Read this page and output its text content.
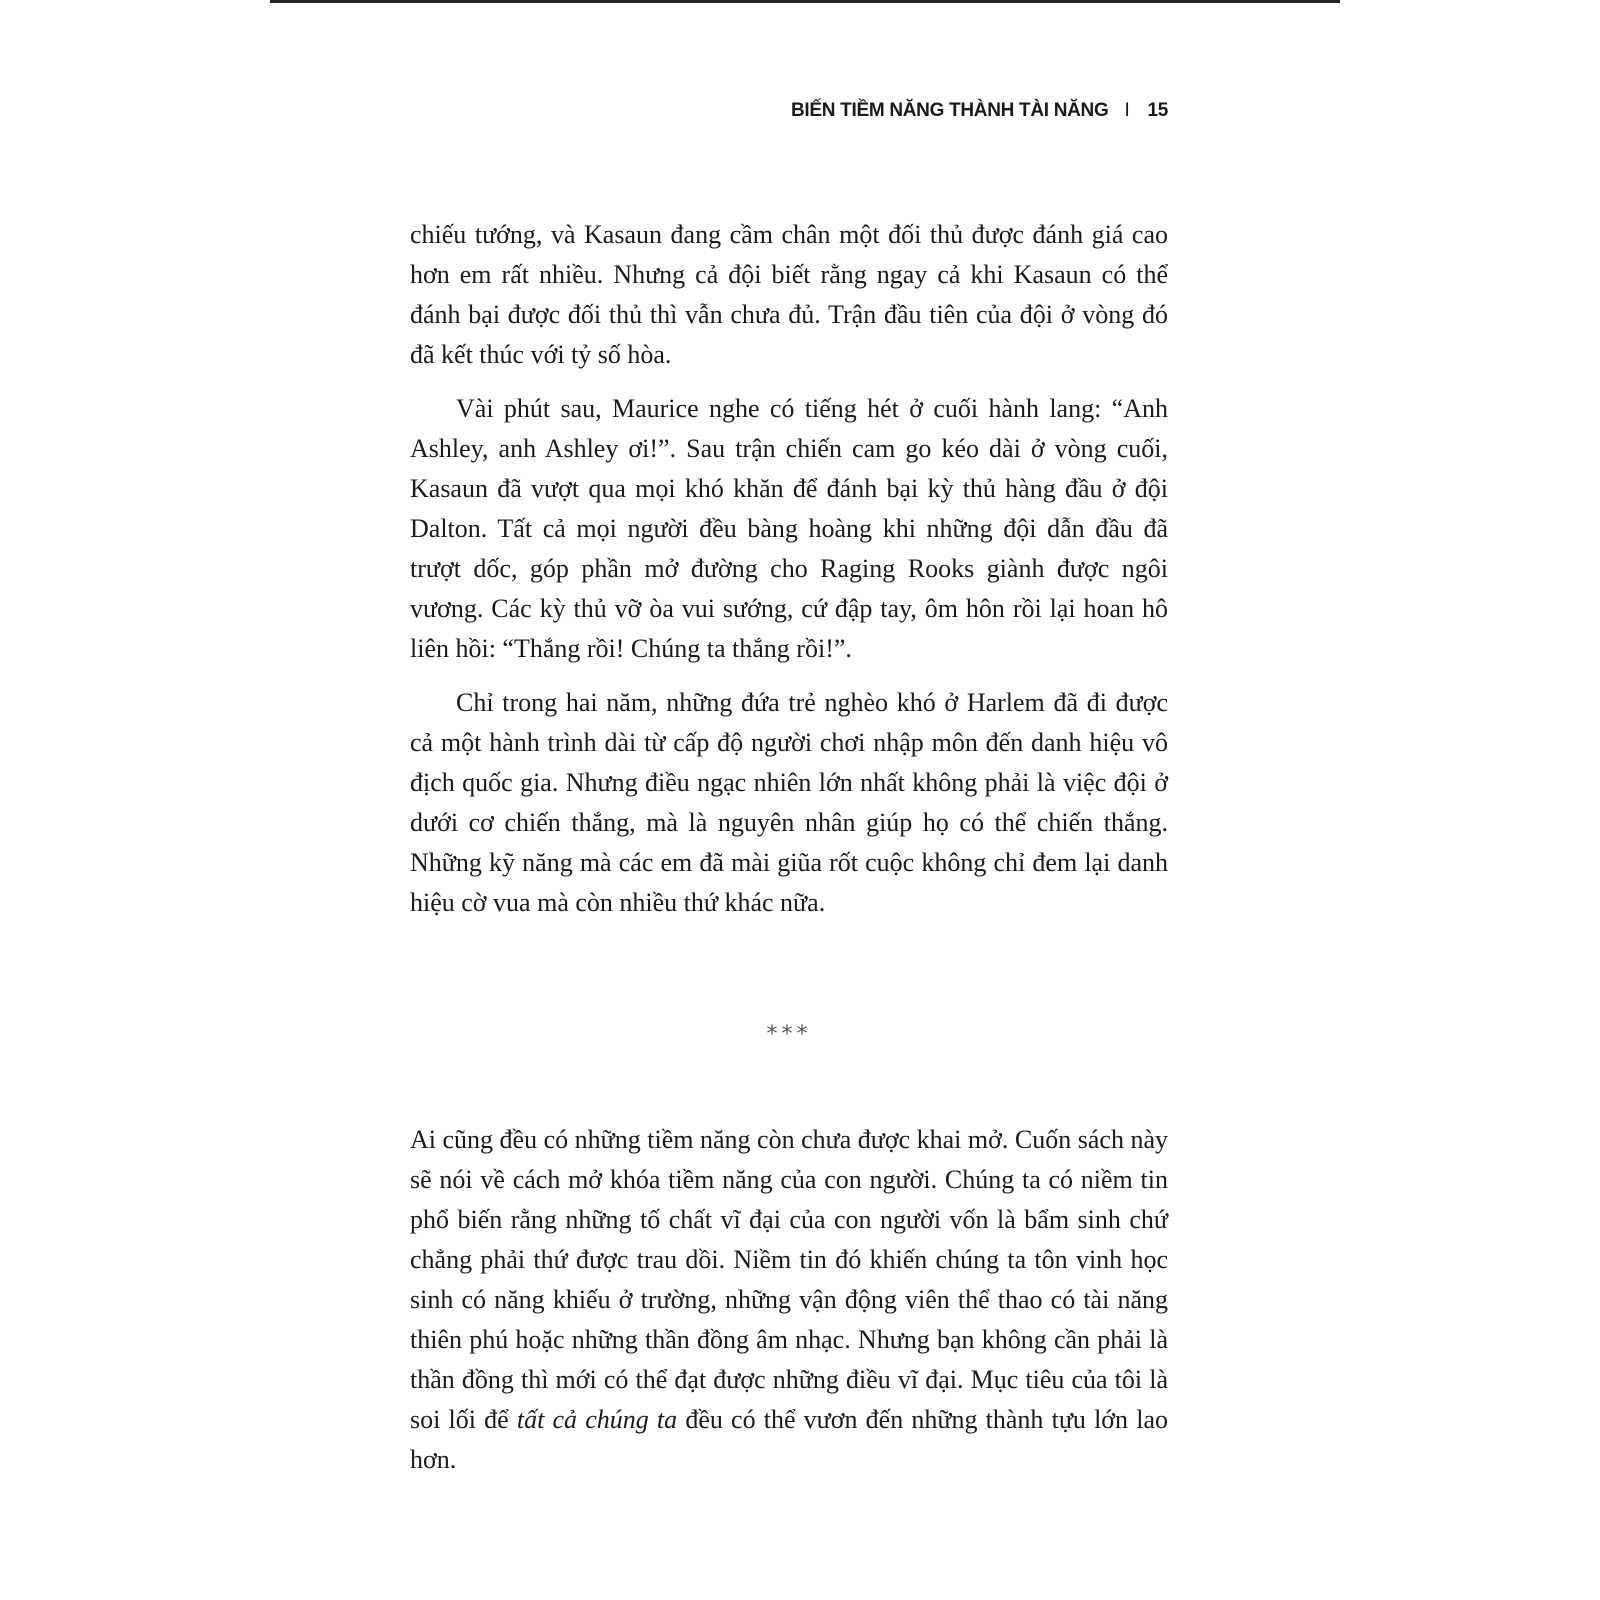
BIẾN TIỀM NĂNG THÀNH TÀI NĂNG I 15

chiếu tướng, và Kasaun đang cầm chân một đối thủ được đánh giá cao hơn em rất nhiều. Nhưng cả đội biết rằng ngay cả khi Kasaun có thể đánh bại được đối thủ thì vẫn chưa đủ. Trận đầu tiên của đội ở vòng đó đã kết thúc với tỷ số hòa.

Vài phút sau, Maurice nghe có tiếng hét ở cuối hành lang: “Anh Ashley, anh Ashley ơi!”. Sau trận chiến cam go kéo dài ở vòng cuối, Kasaun đã vượt qua mọi khó khăn để đánh bại kỳ thủ hàng đầu ở đội Dalton. Tất cả mọi người đều bàng hoàng khi những đội dẫn đầu đã trượt dốc, góp phần mở đường cho Raging Rooks giành được ngôi vương. Các kỳ thủ vỡ òa vui sướng, cứ đập tay, ôm hôn rồi lại hoan hô liên hồi: “Thắng rồi! Chúng ta thắng rồi!”.

Chỉ trong hai năm, những đứa trẻ nghèo khó ở Harlem đã đi được cả một hành trình dài từ cấp độ người chơi nhập môn đến danh hiệu vô địch quốc gia. Nhưng điều ngạc nhiên lớn nhất không phải là việc đội ở dưới cơ chiến thắng, mà là nguyên nhân giúp họ có thể chiến thắng. Những kỹ năng mà các em đã mài giũa rốt cuộc không chỉ đem lại danh hiệu cờ vua mà còn nhiều thứ khác nữa.

***

Ai cũng đều có những tiềm năng còn chưa được khai mở. Cuốn sách này sẽ nói về cách mở khóa tiềm năng của con người. Chúng ta có niềm tin phổ biến rằng những tố chất vĩ đại của con người vốn là bẩm sinh chứ chẳng phải thứ được trau dồi. Niềm tin đó khiến chúng ta tôn vinh học sinh có năng khiếu ở trường, những vận động viên thể thao có tài năng thiên phú hoặc những thần đồng âm nhạc. Nhưng bạn không cần phải là thần đồng thì mới có thể đạt được những điều vĩ đại. Mục tiêu của tôi là soi lối để tất cả chúng ta đều có thể vươn đến những thành tựu lớn lao hơn.
